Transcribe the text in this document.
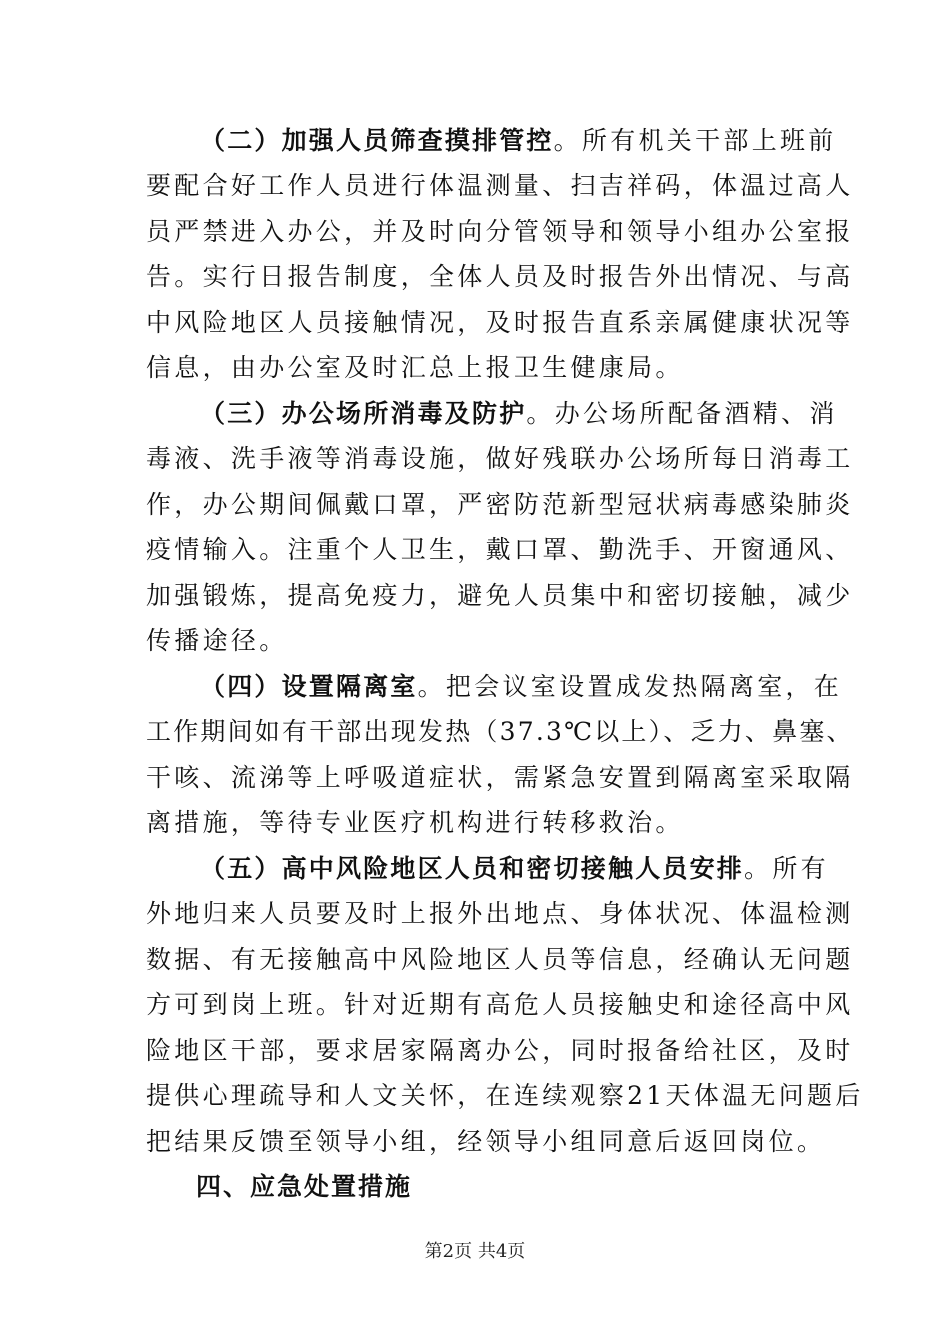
（二）加强人员筛查摸排管控。所有机关干部上班前
要配合好工作人员进行体温测量、扫吉祥码，体温过高人
员严禁进入办公，并及时向分管领导和领导小组办公室报
告。实行日报告制度，全体人员及时报告外出情况、与高
中风险地区人员接触情况，及时报告直系亲属健康状况等
信息，由办公室及时汇总上报卫生健康局。
（三）办公场所消毒及防护。办公场所配备酒精、消
毒液、洗手液等消毒设施，做好残联办公场所每日消毒工
作，办公期间佩戴口罩，严密防范新型冠状病毒感染肺炎
疫情输入。注重个人卫生，戴口罩、勤洗手、开窗通风、
加强锻炼，提高免疫力，避免人员集中和密切接触，减少
传播途径。
（四）设置隔离室。把会议室设置成发热隔离室，在
工作期间如有干部出现发热（37.3℃以上）、乏力、鼻塞、
干咳、流涕等上呼吸道症状，需紧急安置到隔离室采取隔
离措施，等待专业医疗机构进行转移救治。
（五）高中风险地区人员和密切接触人员安排。所有
外地归来人员要及时上报外出地点、身体状况、体温检测
数据、有无接触高中风险地区人员等信息，经确认无问题
方可到岗上班。针对近期有高危人员接触史和途径高中风
险地区干部，要求居家隔离办公，同时报备给社区，及时
提供心理疏导和人文关怀，在连续观察21天体温无问题后
把结果反馈至领导小组，经领导小组同意后返回岗位。
四、应急处置措施
第2页 共4页
